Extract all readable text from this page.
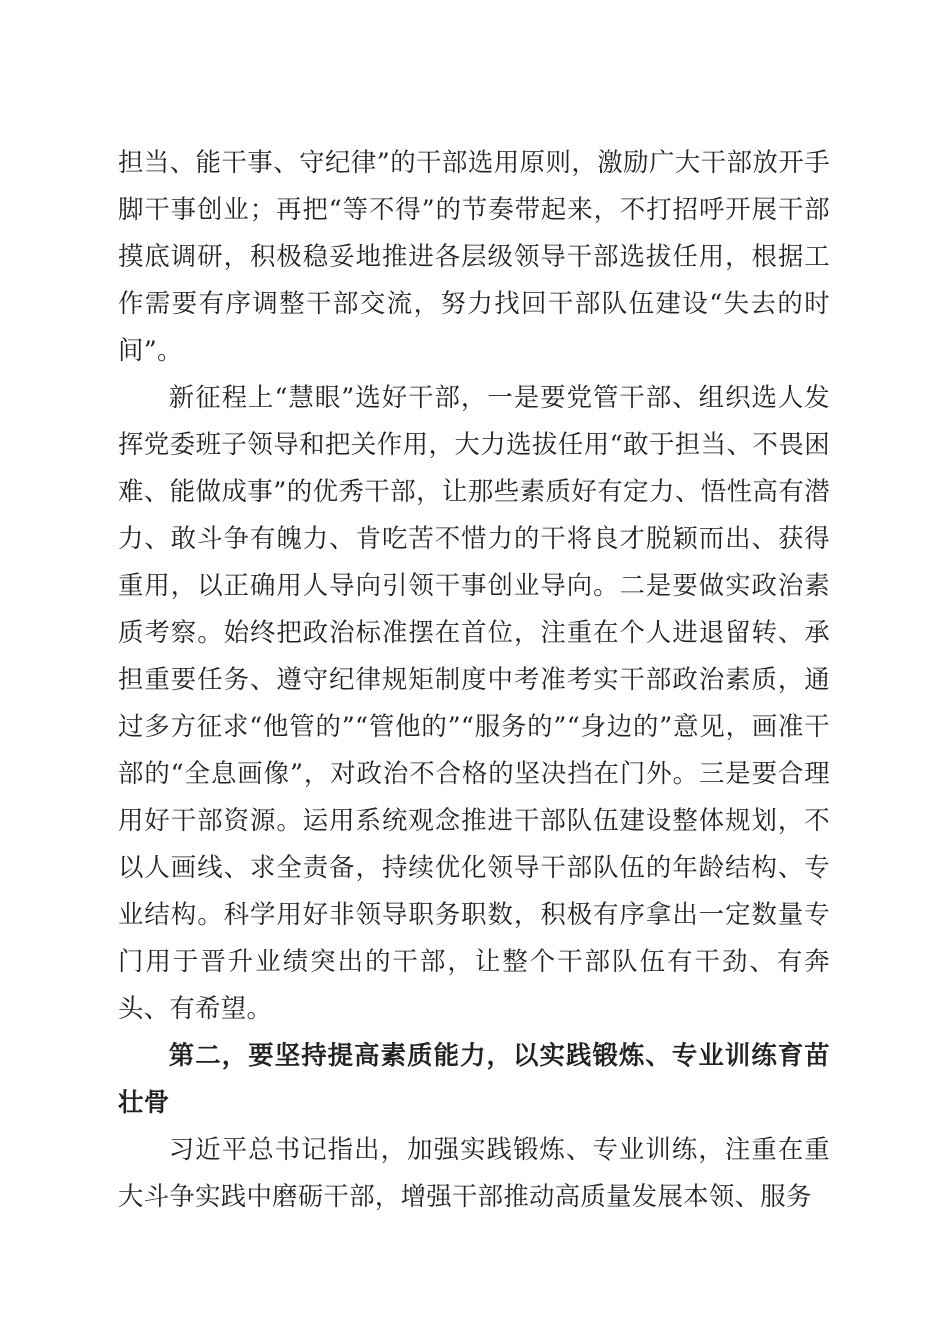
担当、能干事、守纪律”的干部选用原则，激励广大干部放开手脚干事创业；再把“等不得”的节奏带起来，不打招呼开展干部摸底调研，积极稳妥地推进各层级领导干部选拔任用，根据工作需要有序调整干部交流，努力找回干部队伍建设“失去的时间”。

新征程上“慧眼”选好干部，一是要党管干部、组织选人发挥党委班子领导和把关作用，大力选拔任用“敢于担当、不畏困难、能做成事”的优秀干部，让那些素质好有定力、悟性高有潜力、敢斗争有魄力、肯吃苦不惜力的干将良才脱颖而出、获得重用，以正确用人导向引领干事创业导向。二是要做实政治素质考察。始终把政治标准摆在首位，注重在个人进退留转、承担重要任务、遵守纪律规矩制度中考准考实干部政治素质，通过多方征求“他管的”“管他的”“服务的”“身边的”意见，画准干部的“全息画像”，对政治不合格的坚决挡在门外。三是要合理用好干部资源。运用系统观念推进干部队伍建设整体规划，不以人画线、求全责备，持续优化领导干部队伍的年龄结构、专业结构。科学用好非领导职务职数，积极有序拿出一定数量专门用于晋升业绩突出的干部，让整个干部队伍有干劲、有奔头、有希望。

第二，要坚持提高素质能力，以实践锻炼、专业训练育苗壮骨

习近平总书记指出，加强实践锻炼、专业训练，注重在重大斗争实践中磨砺干部，增强干部推动高质量发展本领、服务
